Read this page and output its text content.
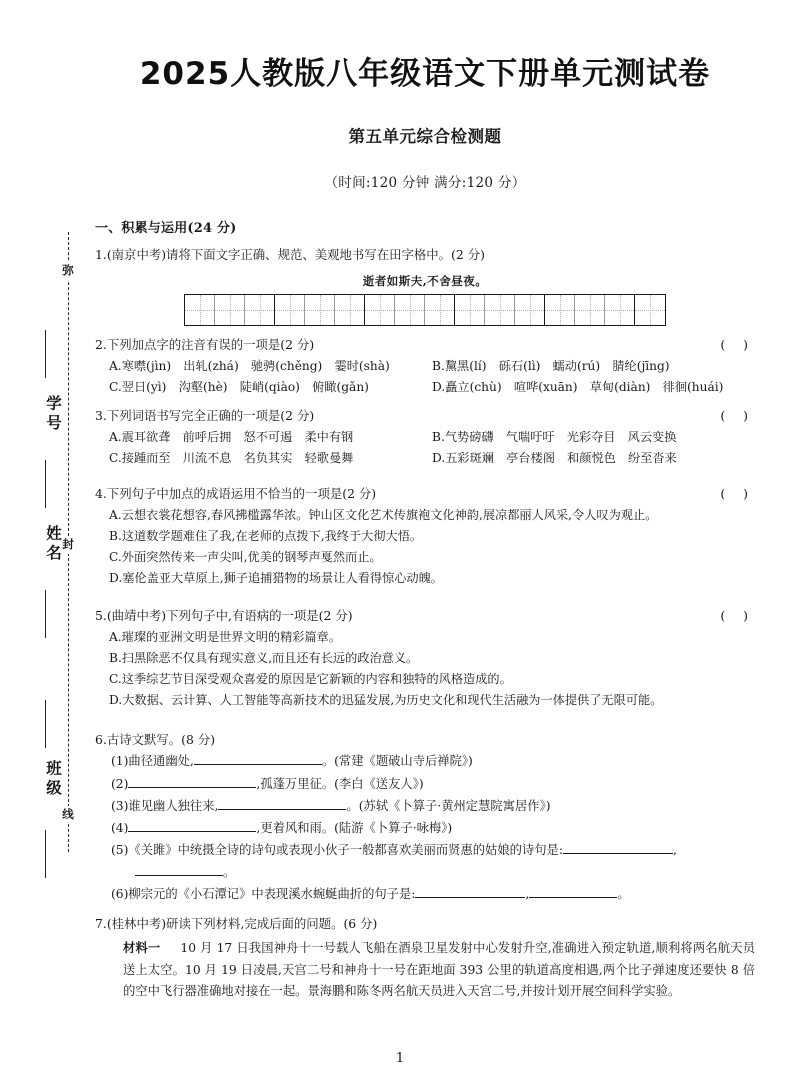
弥
封
线
学号
姓名
班级
2025人教版八年级语文下册单元测试卷
第五单元综合检测题
（时间:120 分钟 满分:120 分）
一、积累与运用(24 分)
1.(南京中考)请将下面文字正确、规范、美观地书写在田字格中。(2 分)
逝者如斯夫,不舍昼夜。
2.下列加点字的注音有误的一项是(2 分)	( )
A.寒噤(jìn)  出轧(zhá)  驰骋(chěng)  霎时(shà)	B.黧黑(lí)  砾石(lì)  蠕动(rú)  腈纶(jīng)
C.翌日(yì)  沟壑(hè)  陡峭(qiào)  俯瞰(gǎn)	D.矗立(chù)  喧哗(xuān)  草甸(diàn)  徘徊(huái)
3.下列词语书写完全正确的一项是(2 分)	( )
A.震耳欲聋  前呼后拥  怒不可遏  柔中有钢	B.气势磅礴  气喘吁吁  光彩夺目  风云变换
C.接踵而至  川流不息  名负其实  轻歌曼舞	D.五彩斑斓  亭台楼阁  和颜悦色  纷至沓来
4.下列句子中加点的成语运用不恰当的一项是(2 分)	( )
A.云想衣裳花想容,春风拂槛露华浓。钟山区文化艺术传旗袍文化神韵,展凉都丽人风采,令人叹为观止。
B.这道数学题难住了我,在老师的点拨下,我终于大彻大悟。
C.外面突然传来一声尖叫,优美的钢琴声戛然而止。
D.塞伦盖亚大草原上,狮子追捕猎物的场景让人看得惊心动魄。
5.(曲靖中考)下列句子中,有语病的一项是(2 分)	( )
A.璀璨的亚洲文明是世界文明的精彩篇章。
B.扫黑除恶不仅具有现实意义,而且还有长远的政治意义。
C.这季综艺节目深受观众喜爱的原因是它新颖的内容和独特的风格造成的。
D.大数据、云计算、人工智能等高新技术的迅猛发展,为历史文化和现代生活融为一体提供了无限可能。
6.古诗文默写。(8 分)
(1)曲径通幽处,	。(常建《题破山寺后禅院》)
(2)	,孤蓬万里征。(李白《送友人》)
(3)谁见幽人独往来,	。(苏轼《卜算子·黄州定慧院寓居作》)
(4)	,更着风和雨。(陆游《卜算子·咏梅》)
(5)《关雎》中统摄全诗的诗句或表现小伙子一般都喜欢美丽而贤惠的姑娘的诗句是:	,
。
(6)柳宗元的《小石潭记》中表现溪水蜿蜒曲折的句子是:	,	。
7.(桂林中考)研读下列材料,完成后面的问题。(6 分)
材料一 10 月 17 日我国神舟十一号载人飞船在酒泉卫星发射中心发射升空,准确进入预定轨道,顺利将两名航天员送上太空。10 月 19 日凌晨,天宫二号和神舟十一号在距地面 393 公里的轨道高度相遇,两个比子弹速度还要快 8 倍的空中飞行器准确地对接在一起。景海鹏和陈冬两名航天员进入天宫二号,并按计划开展空间科学实验。
1
